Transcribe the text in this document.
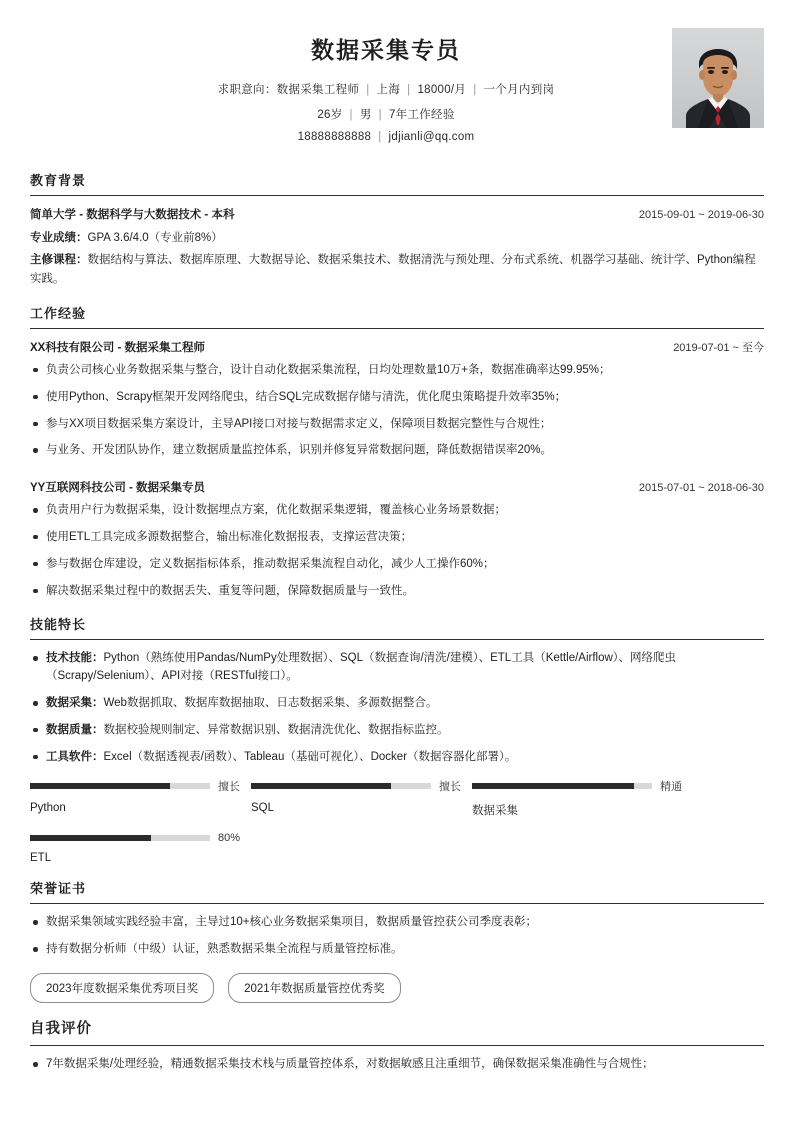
数据采集专员
求职意向：数据采集工程师 | 上海 | 18000/月 | 一个月内到岗
26岁 | 男 | 7年工作经验
18888888888 | jdjianli@qq.com
教育背景
简单大学 - 数据科学与大数据技术 - 本科	2015-09-01 ~ 2019-06-30
专业成绩：GPA 3.6/4.0（专业前8%）
主修课程：数据结构与算法、数据库原理、大数据导论、数据采集技术、数据清洗与预处理、分布式系统、机器学习基础、统计学、Python编程实践。
工作经验
XX科技有限公司 - 数据采集工程师	2019-07-01 ~ 至今
负责公司核心业务数据采集与整合，设计自动化数据采集流程，日均处理数量10万+条，数据准确率达99.95%；
使用Python、Scrapy框架开发网络爬虫，结合SQL完成数据存储与清洗，优化爬虫策略提升效率35%；
参与XX项目数据采集方案设计，主导API接口对接与数据需求定义，保障项目数据完整性与合规性；
与业务、开发团队协作，建立数据质量监控体系，识别并修复异常数据问题，降低数据错误率20%。
YY互联网科技公司 - 数据采集专员	2015-07-01 ~ 2018-06-30
负责用户行为数据采集，设计数据埋点方案，优化数据采集逻辑，覆盖核心业务场景数据；
使用ETL工具完成多源数据整合，输出标准化数据报表，支撑运营决策；
参与数据仓库建设，定义数据指标体系，推动数据采集流程自动化，减少人工操作60%；
解决数据采集过程中的数据丢失、重复等问题，保障数据质量与一致性。
技能特长
技术技能：Python（熟练使用Pandas/NumPy处理数据）、SQL（数据查询/清洗/建模）、ETL工具（Kettle/Airflow）、网络爬虫（Scrapy/Selenium）、API对接（RESTful接口）。
数据采集：Web数据抓取、数据库数据抽取、日志数据采集、多源数据整合。
数据质量：数据校验规则制定、异常数据识别、数据清洗优化、数据指标监控。
工具软件：Excel（数据透视表/函数）、Tableau（基础可视化）、Docker（数据容器化部署）。
擅长
Python
擅长
SQL
精通
数据采集
80%
ETL
荣誉证书
数据采集领域实践经验丰富，主导过10+核心业务数据采集项目，数据质量管控获公司季度表彰；
持有数据分析师（中级）认证，熟悉数据采集全流程与质量管控标准。
2023年度数据采集优秀项目奖	2021年数据质量管控优秀奖
自我评价
7年数据采集/处理经验，精通数据采集技术栈与质量管控体系，对数据敏感且注重细节，确保数据采集准确性与合规性；
